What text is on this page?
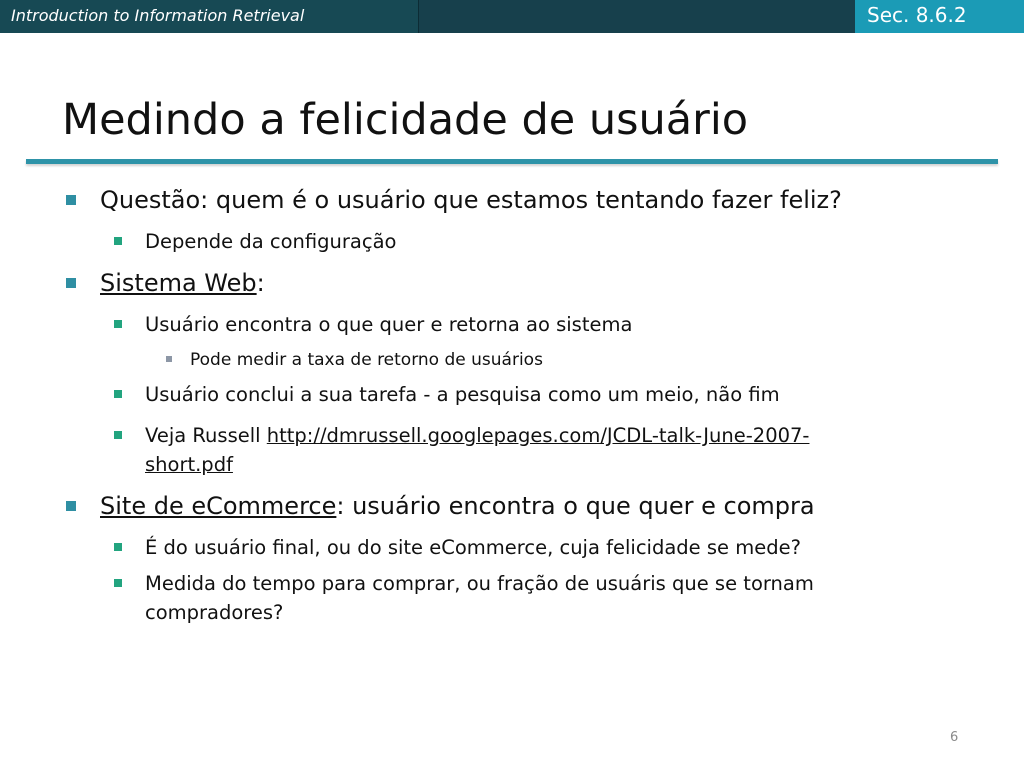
Introduction to Information Retrieval	Sec. 8.6.2
Medindo a felicidade de usuário
Questão: quem é o usuário que estamos tentando fazer feliz?
Depende da configuração
Sistema Web:
Usuário encontra o que quer e retorna ao sistema
Pode medir a taxa de retorno de usuários
Usuário conclui a sua tarefa - a pesquisa como um meio, não fim
Veja Russell http://dmrussell.googlepages.com/JCDL-talk-June-2007-
short.pdf
Site de eCommerce: usuário encontra o que quer e compra
É do usuário final, ou do site eCommerce, cuja felicidade se mede?
Medida do tempo para comprar, ou fração de usuáris que se tornam
compradores?
6
